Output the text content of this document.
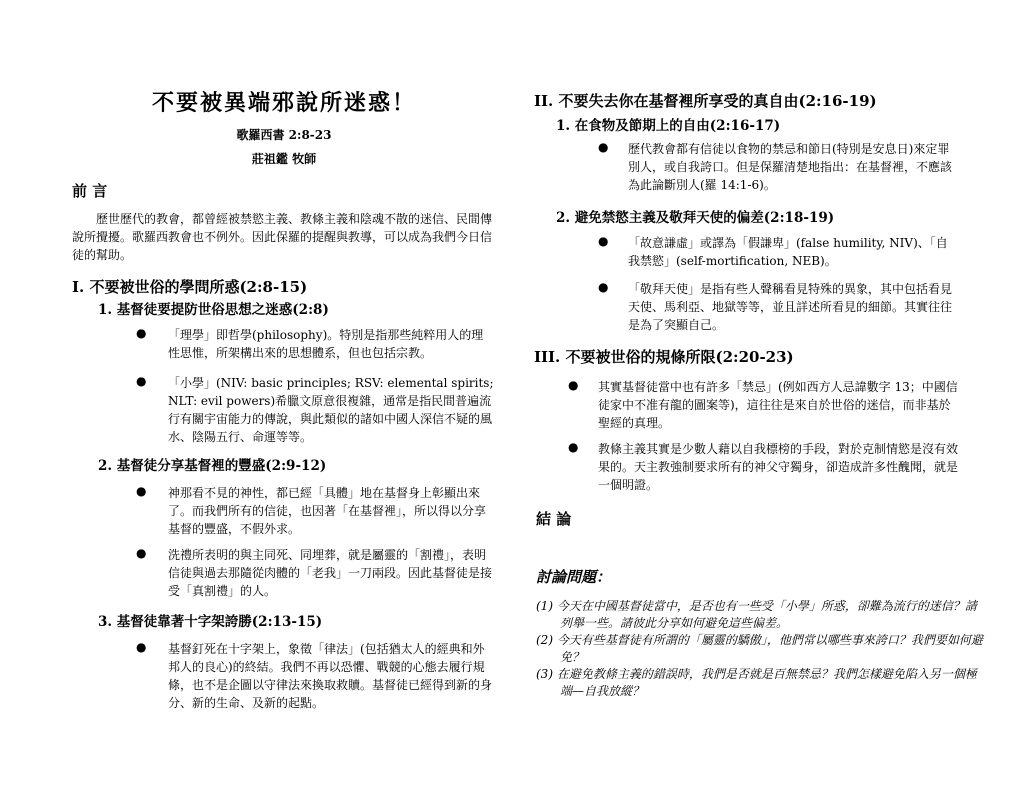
不要被異端邪說所迷惑！
歌羅西書 2:8-23
莊祖鑑 牧師
前 言
歷世歷代的教會，都曾經被禁慾主義、教條主義和陰魂不散的迷信、民間傳說所攪擾。歌羅西教會也不例外。因此保羅的提醒與教導，可以成為我們今日信徒的幫助。
I. 不要被世俗的學問所惑(2:8-15)
1. 基督徒要提防世俗思想之迷惑(2:8)
● 「理學」即哲學(philosophy)。特別是指那些純粹用人的理性思惟，所架構出來的思想體系，但也包括宗教。
● 「小學」(NIV: basic principles; RSV: elemental spirits; NLT: evil powers)希臘文原意很複雜，通常是指民間普遍流行有關宇宙能力的傳說，與此類似的諸如中國人深信不疑的風水、陰陽五行、命運等等。
2. 基督徒分享基督裡的豐盛(2:9-12)
● 神那看不見的神性，都已經「具體」地在基督身上彰顯出來了。而我們所有的信徒，也因著「在基督裡」，所以得以分享基督的豐盛，不假外求。
● 洗禮所表明的與主同死、同埋葬，就是屬靈的「割禮」，表明信徒與過去那隨從肉體的「老我」一刀兩段。因此基督徒是接受「真割禮」的人。
3. 基督徒靠著十字架誇勝(2:13-15)
● 基督釘死在十字架上，象徵「律法」(包括猶太人的經典和外邦人的良心)的終結。我們不再以恐懼、戰競的心態去履行規條，也不是企圖以守律法來換取救贖。基督徒已經得到新的身分、新的生命、及新的起點。
II. 不要失去你在基督裡所享受的真自由(2:16-19)
1. 在食物及節期上的自由(2:16-17)
● 歷代教會都有信徒以食物的禁忌和節日(特別是安息日)來定罪別人，或自我誇口。但是保羅清楚地指出：在基督裡，不應該為此論斷別人(羅 14:1-6)。
2. 避免禁慾主義及敬拜天使的偏差(2:18-19)
● 「故意謙虛」或譯為「假謙卑」(false humility, NIV)、「自我禁慾」(self-mortification, NEB)。
● 「敬拜天使」是指有些人聲稱看見特殊的異象，其中包括看見天使、馬利亞、地獄等等，並且詳述所看見的細節。其實往往是為了突顯自己。
III. 不要被世俗的規條所限(2:20-23)
● 其實基督徒當中也有許多「禁忌」(例如西方人忌諱數字 13；中國信徒家中不准有龍的圖案等)，這往往是來自於世俗的迷信，而非基於聖經的真理。
● 教條主義其實是少數人藉以自我標榜的手段，對於克制情慾是沒有效果的。天主教強制要求所有的神父守獨身，卻造成許多性醜聞，就是一個明證。
結 論
討論問題：
(1) 今天在中國基督徒當中，是否也有一些受「小學」所惑，卻難為流行的迷信？請列舉一些。請彼此分享如何避免這些偏差。
(2) 今天有些基督徒有所謂的「屬靈的驕傲」，他們常以哪些事來誇口？我們要如何避免？
(3) 在避免教條主義的錯誤時，我們是否就是百無禁忌？我們怎樣避免陷入另一個極端—自我放縱？
